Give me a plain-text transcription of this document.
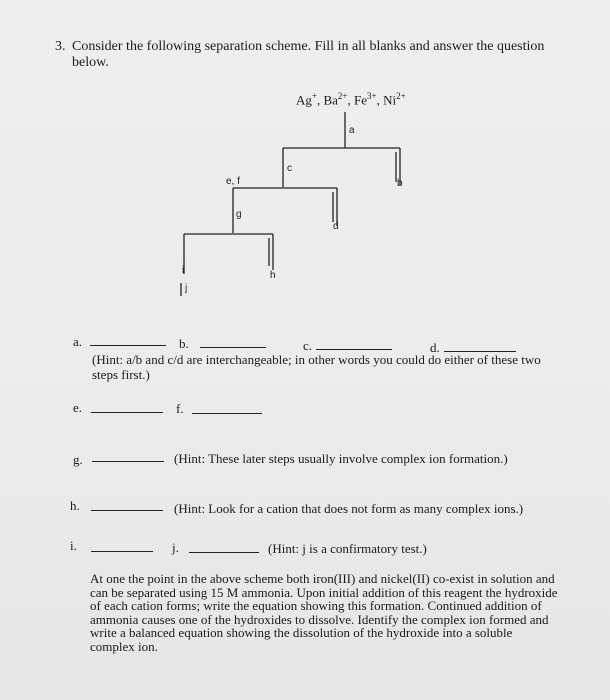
3. Consider the following separation scheme. Fill in all blanks and answer the question below.
Ag+, $Ba^{2+}$, $Fe^{3+}$, $Ni^{2+}$
a
c
b
e, f
g
d
i	h
j
a.	b.	c.	d.
(Hint: a/b and c/d are interchangeable; in other words you could do either of these two steps first.)
e.	f.
g.	(Hint: These later steps usually involve complex ion formation.)
h.	(Hint: Look for a cation that does not form as many complex ions.)
i.	j.	(Hint: j is a confirmatory test.)
At one the point in the above scheme both iron(III) and nickel(II) co-exist in solution and can be separated using 15 M ammonia. Upon initial addition of this reagent the hydroxide of each cation forms; write the equation showing this formation. Continued addition of ammonia causes one of the hydroxides to dissolve. Identify the complex ion formed and write a balanced equation showing the dissolution of the hydroxide into a soluble complex ion.
